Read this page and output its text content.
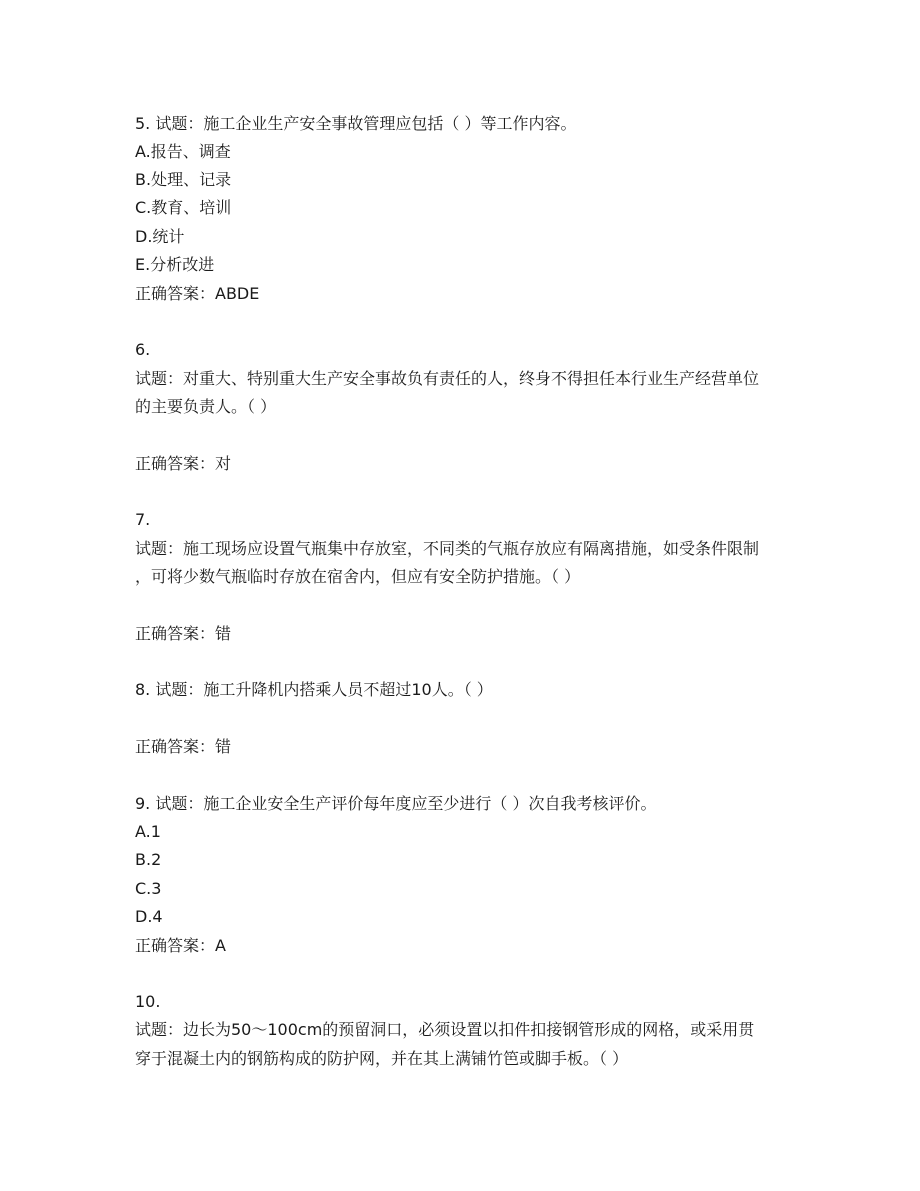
5. 试题：施工企业生产安全事故管理应包括（ ）等工作内容。
A.报告、调查
B.处理、记录
C.教育、培训
D.统计
E.分析改进
正确答案：ABDE
6.
试题：对重大、特别重大生产安全事故负有责任的人，终身不得担任本行业生产经营单位
的主要负责人。（ ）
正确答案：对
7.
试题：施工现场应设置气瓶集中存放室，不同类的气瓶存放应有隔离措施，如受条件限制
，可将少数气瓶临时存放在宿舍内，但应有安全防护措施。（ ）
正确答案：错
8. 试题：施工升降机内搭乘人员不超过10人。（ ）
正确答案：错
9. 试题：施工企业安全生产评价每年度应至少进行（ ）次自我考核评价。
A.1
B.2
C.3
D.4
正确答案：A
10.
试题：边长为50～100cm的预留洞口，必须设置以扣件扣接钢管形成的网格，或采用贯
穿于混凝土内的钢筋构成的防护网，并在其上满铺竹笆或脚手板。（ ）
